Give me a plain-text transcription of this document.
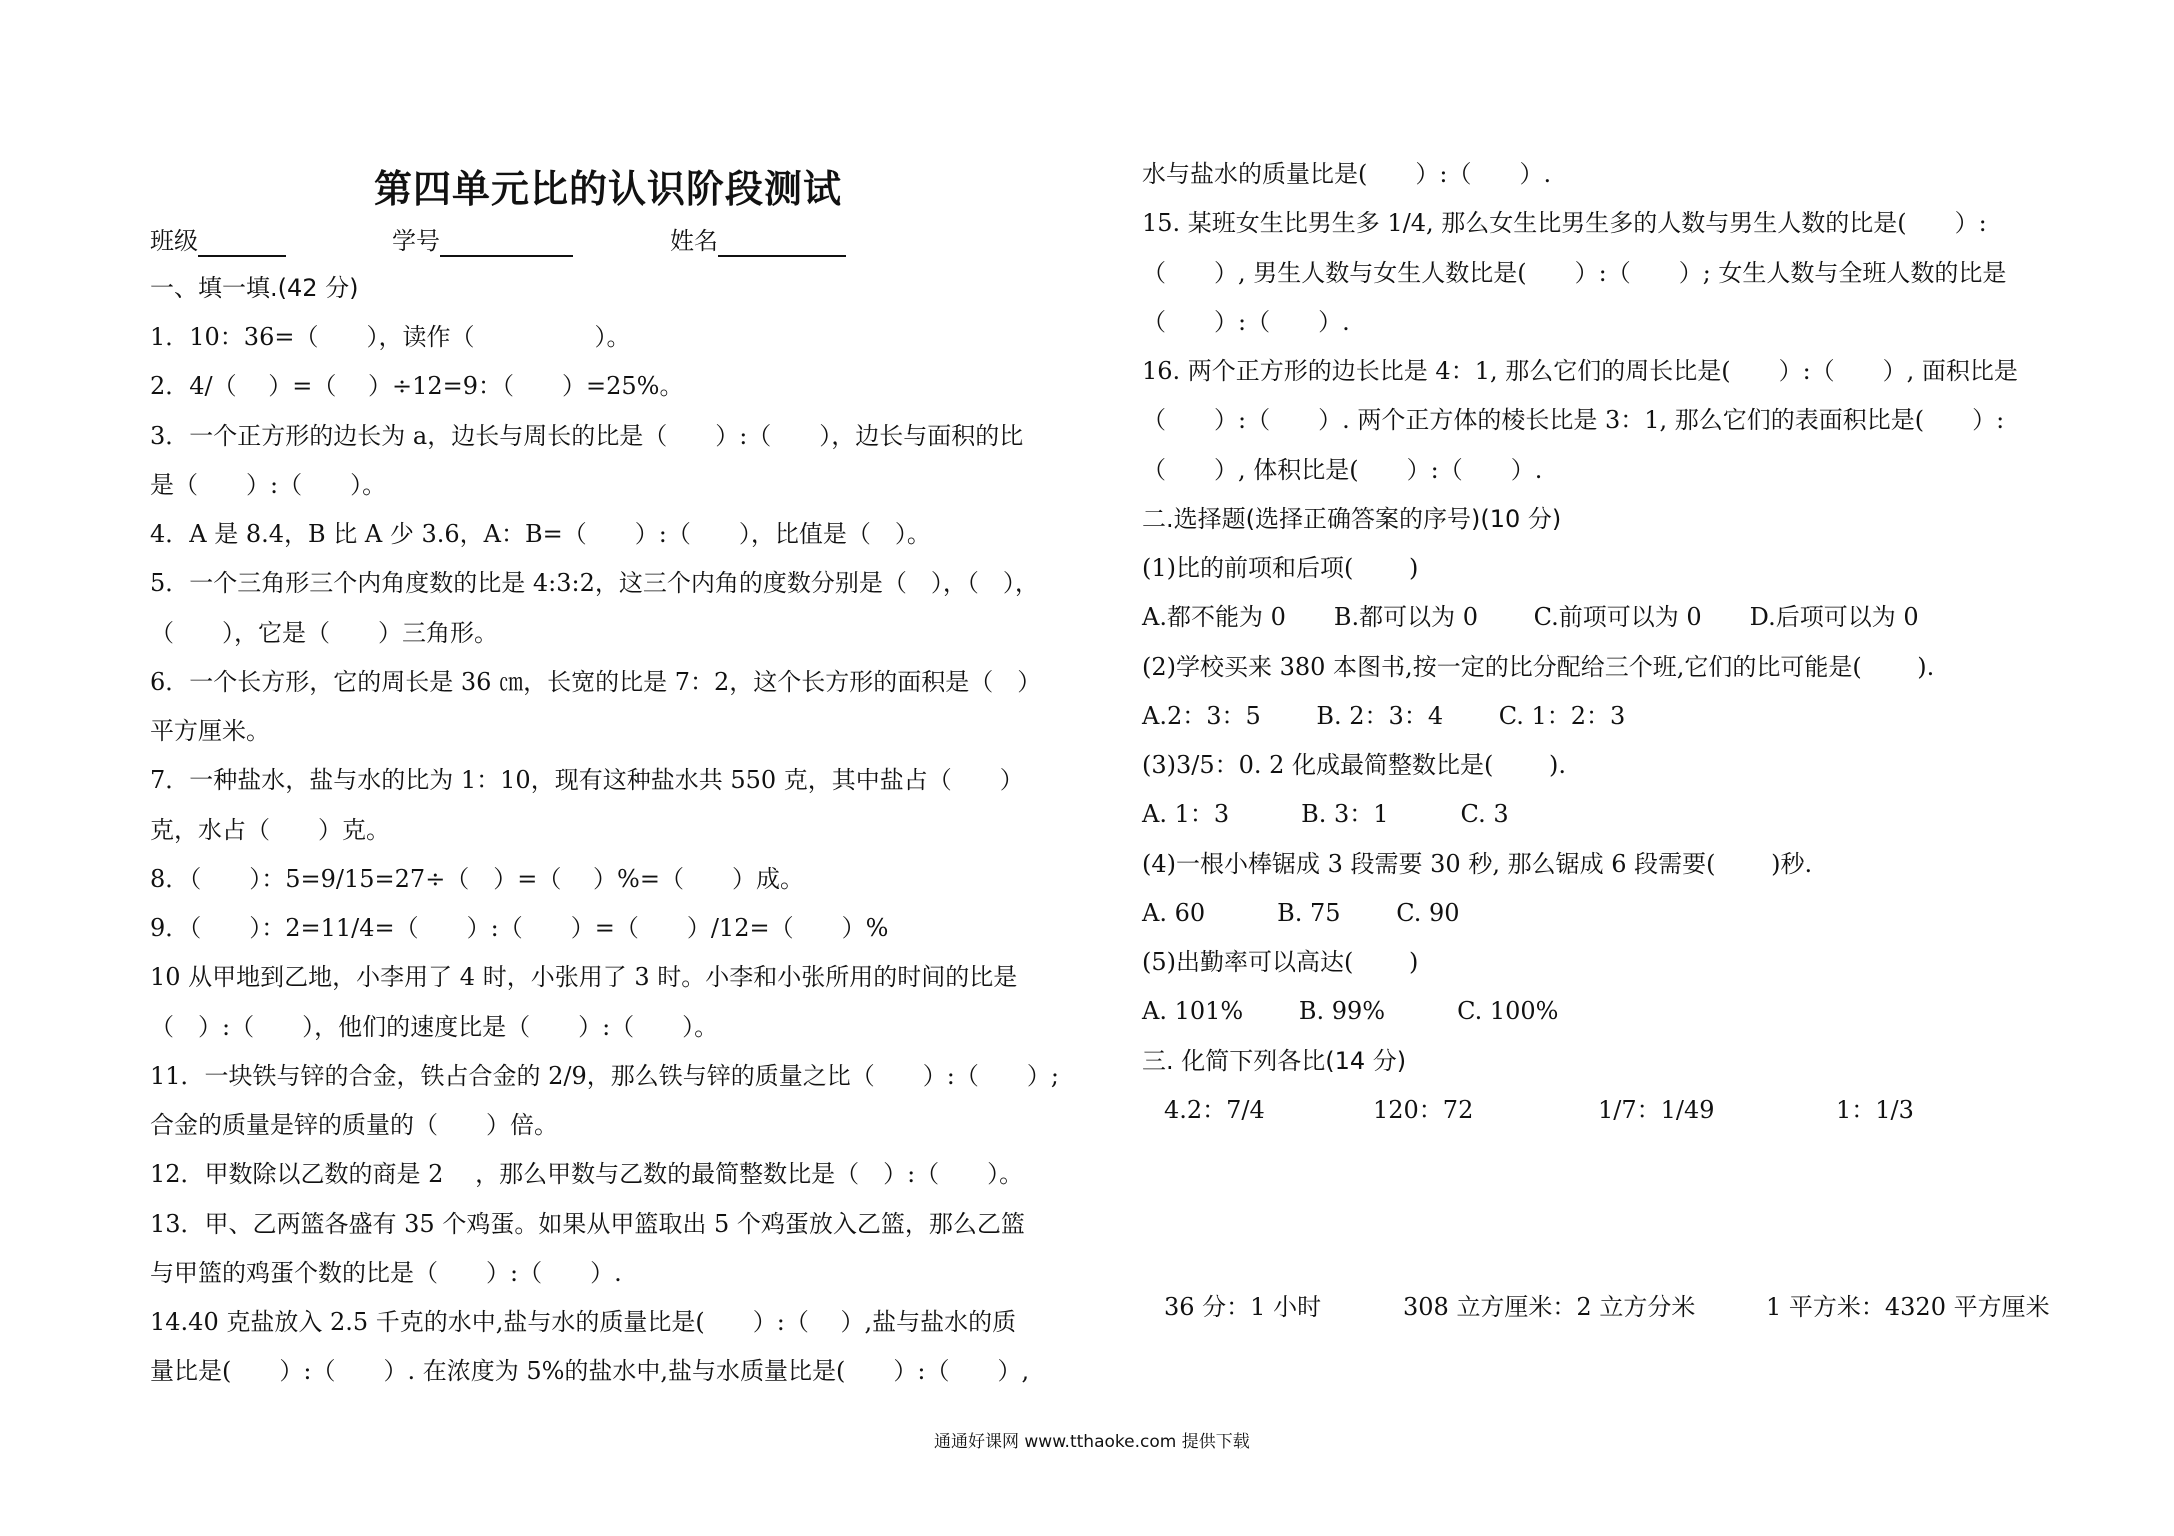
第四单元比的认识阶段测试
班级	学号	姓名
一、填一填.(42 分)
1．10：36=（　　），读作（　　　　　）。
2．4/（　 ）=（　 ）÷12=9：（　　）=25%。
3．一个正方形的边长为 a，边长与周长的比是（　　）:（　　），边长与面积的比
是（　　）:（　　）。
4．A 是 8.4，B 比 A 少 3.6，A：B=（　　）:（　　），比值是（　）。
5．一个三角形三个内角度数的比是 4:3:2，这三个内角的度数分别是（　），（　），
（　　），它是（　　）三角形。
6．一个长方形，它的周长是 36 ㎝，长宽的比是 7：2，这个长方形的面积是（　）
平方厘米。
7．一种盐水，盐与水的比为 1：10，现有这种盐水共 550 克，其中盐占（　　）
克，水占（　　）克。
8．（　　）：5=9/15=27÷（　）=（　 ）%=（　　）成。
9．（　　）：2=11/4=（　　）:（　　）=（　　）/12=（　　）%
10 从甲地到乙地，小李用了 4 时，小张用了 3 时。小李和小张所用的时间的比是
（　）:（　　），他们的速度比是（　　）:（　　）。
11．一块铁与锌的合金，铁占合金的 2/9，那么铁与锌的质量之比（　　）:（　　）;
合金的质量是锌的质量的（　　）倍。
12．甲数除以乙数的商是 2　 ，那么甲数与乙数的最简整数比是（　）:（　　）。
13．甲、乙两篮各盛有 35 个鸡蛋。如果从甲篮取出 5 个鸡蛋放入乙篮，那么乙篮
与甲篮的鸡蛋个数的比是（　　）:（　　）.
14.40 克盐放入 2.5 千克的水中,盐与水的质量比是(　　）:（　 ）,盐与盐水的质
量比是(　　）:（　　）. 在浓度为 5%的盐水中,盐与水质量比是(　　）:（　　）,
水与盐水的质量比是(　　）:（　　）.
15. 某班女生比男生多 1/4, 那么女生比男生多的人数与男生人数的比是(　　）:
（　　）, 男生人数与女生人数比是(　　）:（　　）; 女生人数与全班人数的比是
（　　）:（　　）.
16. 两个正方形的边长比是 4：1, 那么它们的周长比是(　　）:（　　）, 面积比是
（　　）:（　　）. 两个正方体的棱长比是 3：1, 那么它们的表面积比是(　　）:
（　　）, 体积比是(　　）:（　　）.
二.选择题(选择正确答案的序号)(10 分)
(1)比的前项和后项(　　 )
A.都不能为 0　　B.都可以为 0　　 C.前项可以为 0　　D.后项可以为 0
(2)学校买来 380 本图书,按一定的比分配给三个班,它们的比可能是(　　 ).
A.2：3：5　　 B. 2：3：4　　 C. 1：2：3
(3)3/5：0. 2 化成最简整数比是(　　 ).
A. 1：3　　　B. 3：1　　　C. 3
(4)一根小棒锯成 3 段需要 30 秒, 那么锯成 6 段需要(　　 )秒.
A. 60　　　B. 75　　 C. 90
(5)出勤率可以高达(　　 )
A. 101%　　 B. 99%　　　C. 100%
三. 化简下列各比(14 分)
4.2：7/4	120：72	1/7：1/49	1：1/3
36 分：1 小时	308 立方厘米：2 立方分米	1 平方米：4320 平方厘米
通通好课网 www.tthaoke.com 提供下载
